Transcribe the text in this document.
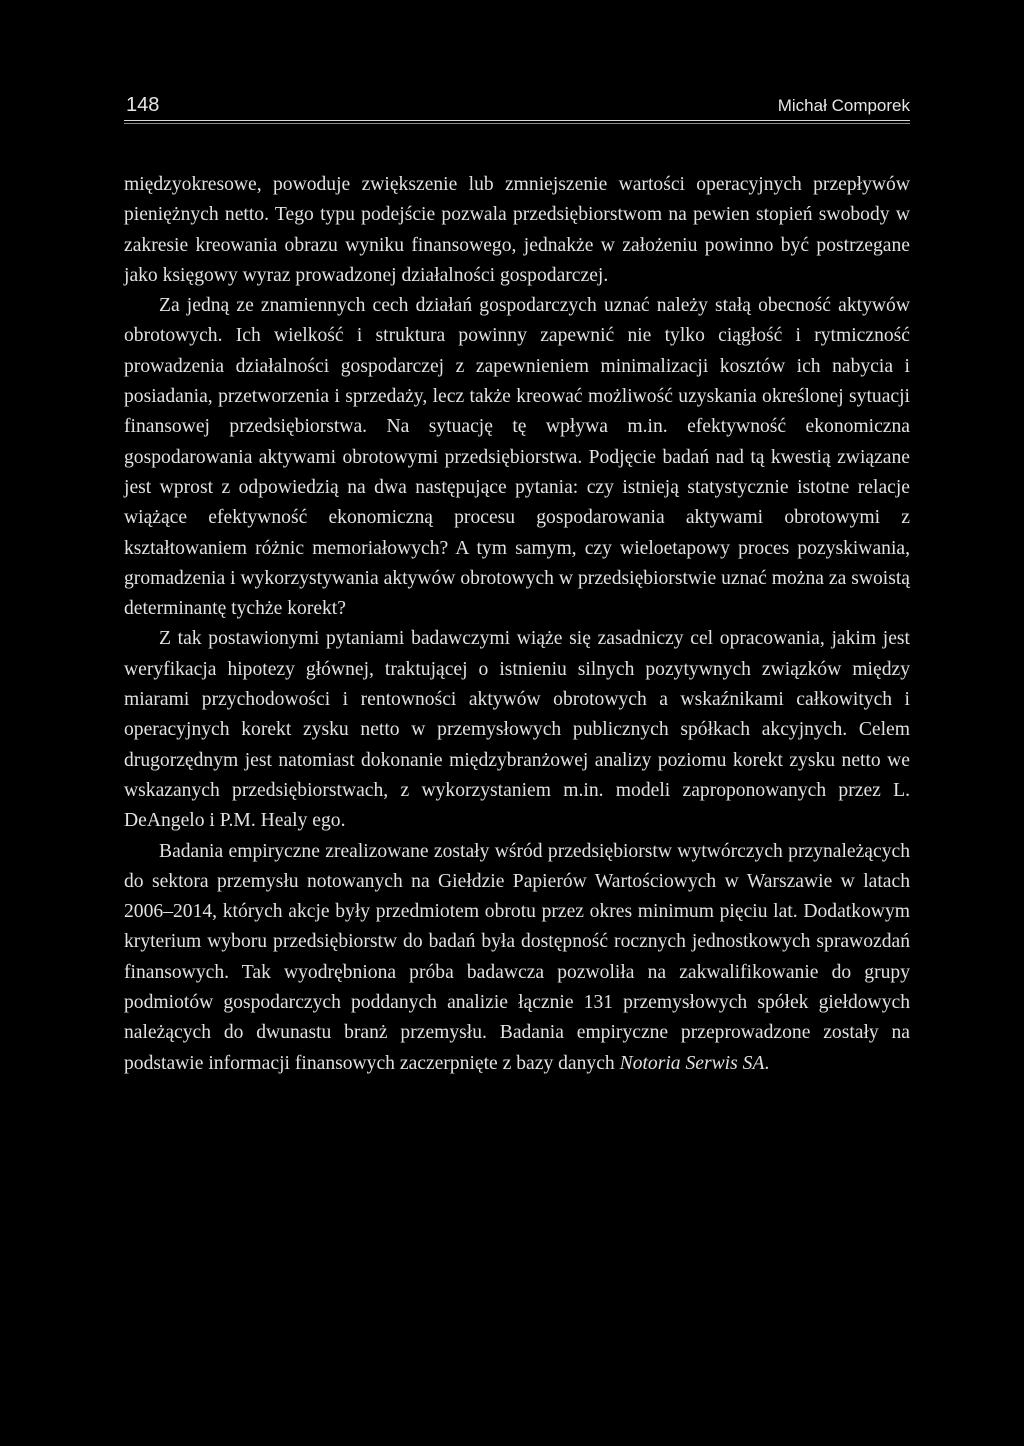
148	Michał Comporek

międzyokresowe, powoduje zwiększenie lub zmniejszenie wartości operacyjnych przepływów pieniężnych netto. Tego typu podejście pozwala przedsiębiorstwom na pewien stopień swobody w zakresie kreowania obrazu wyniku finansowego, jednakże w założeniu powinno być postrzegane jako księgowy wyraz prowadzonej działalności gospodarczej.

Za jedną ze znamiennych cech działań gospodarczych uznać należy stałą obecność aktywów obrotowych. Ich wielkość i struktura powinny zapewnić nie tylko ciągłość i rytmiczność prowadzenia działalności gospodarczej z zapewnieniem minimalizacji kosztów ich nabycia i posiadania, przetworzenia i sprzedaży, lecz także kreować możliwość uzyskania określonej sytuacji finansowej przedsiębiorstwa. Na sytuację tę wpływa m.in. efektywność ekonomiczna gospodarowania aktywami obrotowymi przedsiębiorstwa. Podjęcie badań nad tą kwestią związane jest wprost z odpowiedzią na dwa następujące pytania: czy istnieją statystycznie istotne relacje wiążące efektywność ekonomiczną procesu gospodarowania aktywami obrotowymi z kształtowaniem różnic memoriałowych? A tym samym, czy wieloetapowy proces pozyskiwania, gromadzenia i wykorzystywania aktywów obrotowych w przedsiębiorstwie uznać można za swoistą determinantę tychże korekt?

Z tak postawionymi pytaniami badawczymi wiąże się zasadniczy cel opracowania, jakim jest weryfikacja hipotezy głównej, traktującej o istnieniu silnych pozytywnych związków między miarami przychodowości i rentowności aktywów obrotowych a wskaźnikami całkowitych i operacyjnych korekt zysku netto w przemysłowych publicznych spółkach akcyjnych. Celem drugorzędnym jest natomiast dokonanie międzybranżowej analizy poziomu korekt zysku netto we wskazanych przedsiębiorstwach, z wykorzystaniem m.in. modeli zaproponowanych przez L. DeAngelo i P.M. Healy ego.

Badania empiryczne zrealizowane zostały wśród przedsiębiorstw wytwórczych przynależących do sektora przemysłu notowanych na Giełdzie Papierów Wartościowych w Warszawie w latach 2006–2014, których akcje były przedmiotem obrotu przez okres minimum pięciu lat. Dodatkowym kryterium wyboru przedsiębiorstw do badań była dostępność rocznych jednostkowych sprawozdań finansowych. Tak wyodrębniona próba badawcza pozwoliła na zakwalifikowanie do grupy podmiotów gospodarczych poddanych analizie łącznie 131 przemysłowych spółek giełdowych należących do dwunastu branż przemysłu. Badania empiryczne przeprowadzone zostały na podstawie informacji finansowych zaczerpnięte z bazy danych Notoria Serwis SA.
